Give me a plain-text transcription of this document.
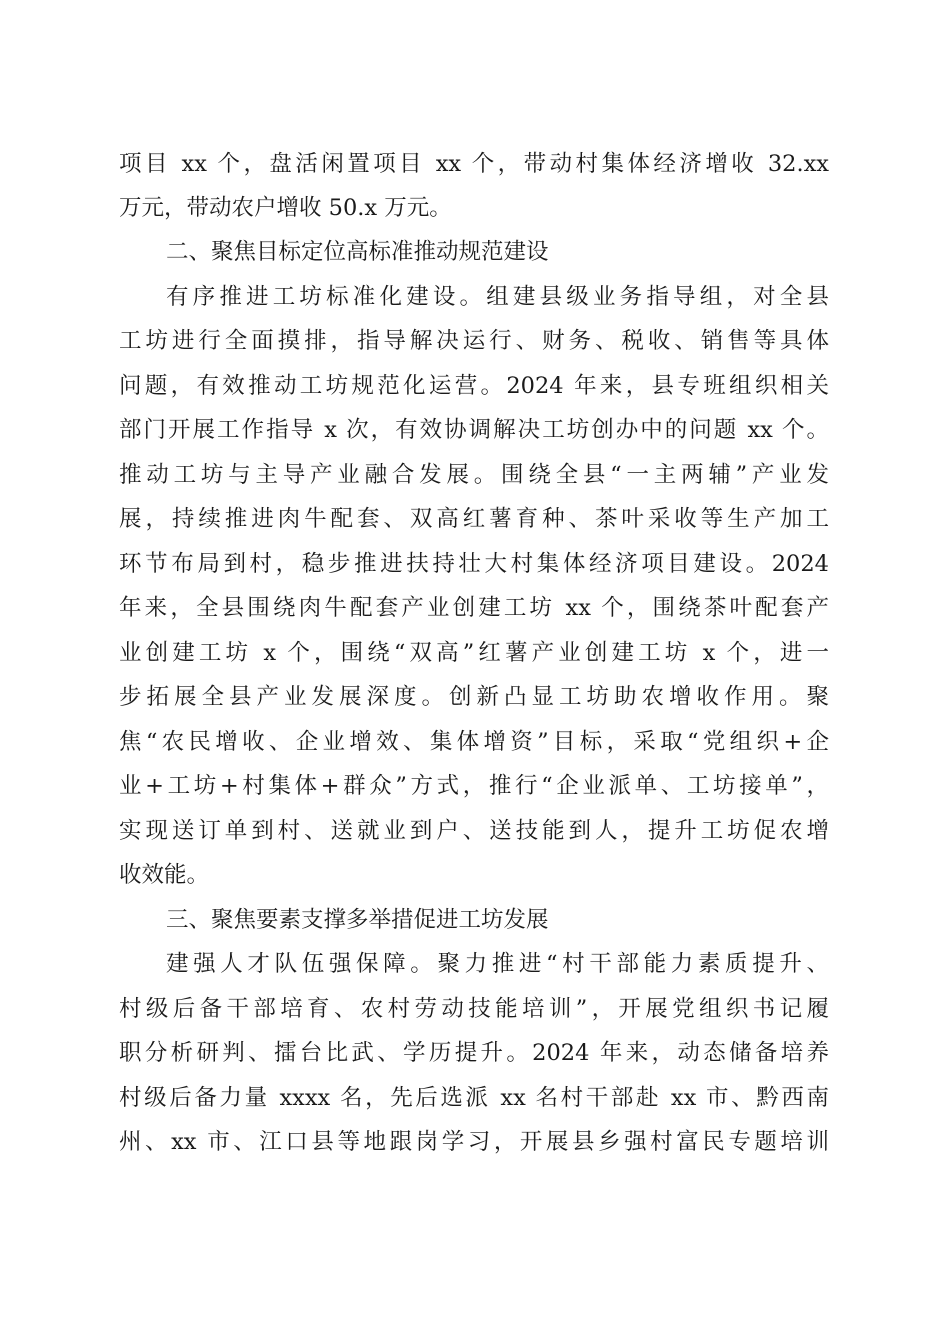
项目 xx 个，盘活闲置项目 xx 个，带动村集体经济增收 32.xx
万元，带动农户增收 50.x 万元。
二、聚焦目标定位高标准推动规范建设
有序推进工坊标准化建设。组建县级业务指导组，对全县
工坊进行全面摸排，指导解决运行、财务、税收、销售等具体
问题，有效推动工坊规范化运营。2024 年来，县专班组织相关
部门开展工作指导 x 次，有效协调解决工坊创办中的问题 xx 个。
推动工坊与主导产业融合发展。围绕全县“一主两辅”产业发
展，持续推进肉牛配套、双高红薯育种、茶叶采收等生产加工
环节布局到村，稳步推进扶持壮大村集体经济项目建设。2024
年来，全县围绕肉牛配套产业创建工坊 xx 个，围绕茶叶配套产
业创建工坊 x 个，围绕“双高”红薯产业创建工坊 x 个，进一
步拓展全县产业发展深度。创新凸显工坊助农增收作用。聚
焦“农民增收、企业增效、集体增资”目标，采取“党组织+企
业+工坊+村集体+群众”方式，推行“企业派单、工坊接单”，
实现送订单到村、送就业到户、送技能到人，提升工坊促农增
收效能。
三、聚焦要素支撑多举措促进工坊发展
建强人才队伍强保障。聚力推进“村干部能力素质提升、
村级后备干部培育、农村劳动技能培训”，开展党组织书记履
职分析研判、擂台比武、学历提升。2024 年来，动态储备培养
村级后备力量 xxxx 名，先后选派 xx 名村干部赴 xx 市、黔西南
州、xx 市、江口县等地跟岗学习，开展县乡强村富民专题培训
